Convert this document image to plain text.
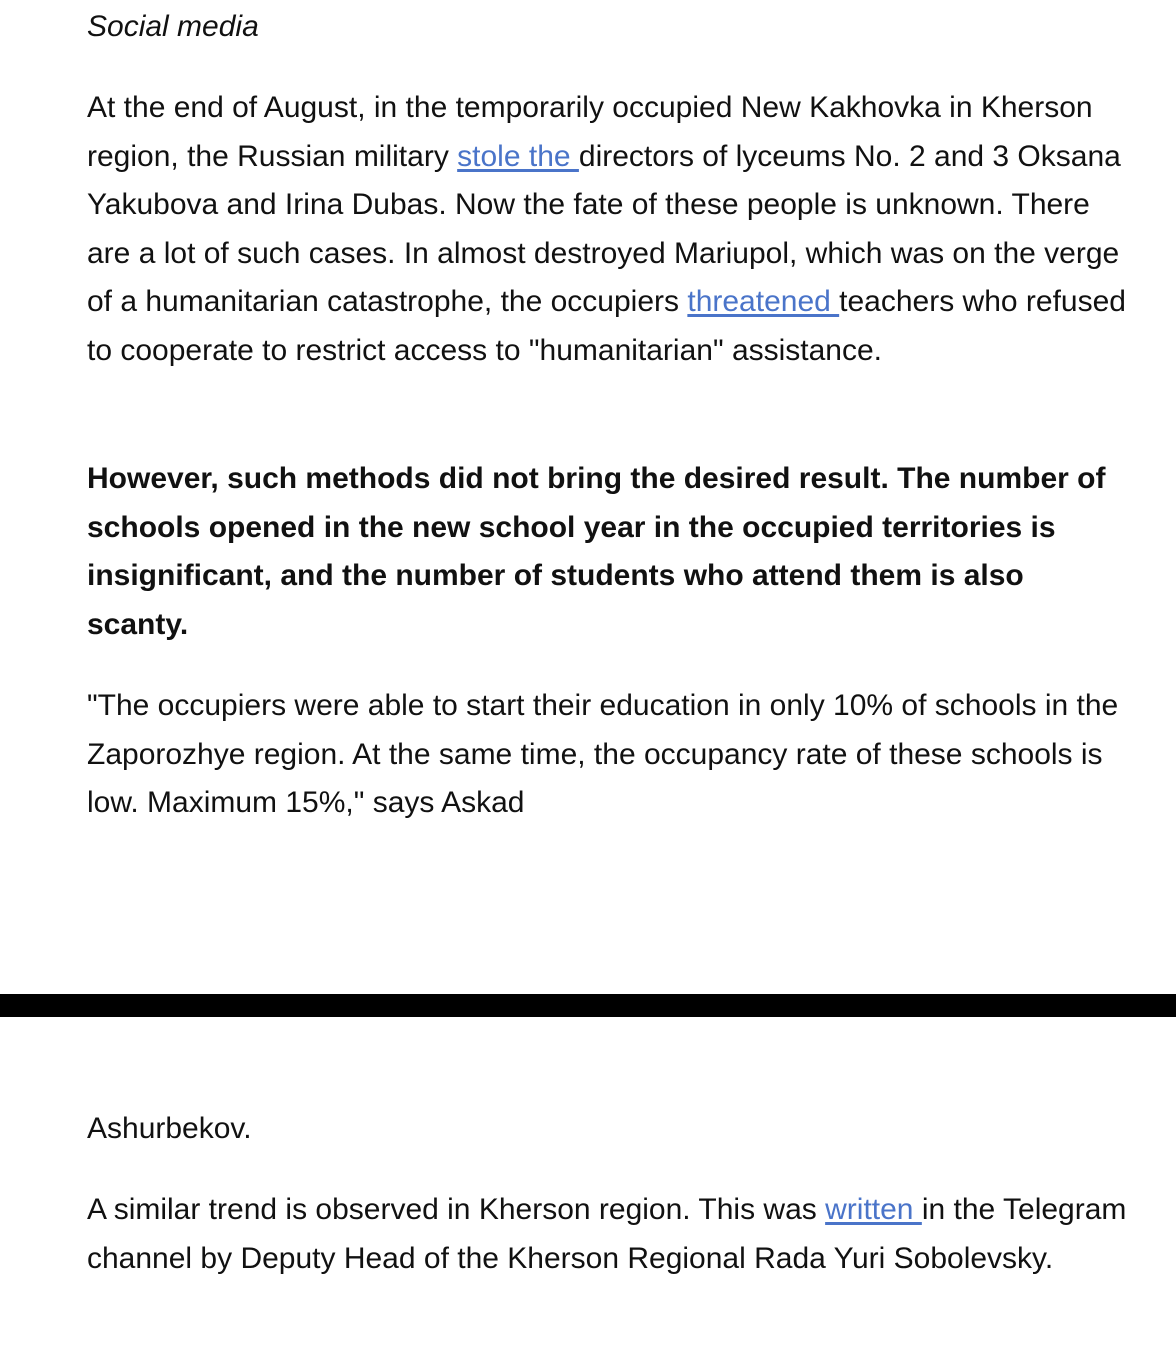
Social media

At the end of August, in the temporarily occupied New Kakhovka in Kherson region, the Russian military stole the directors of lyceums No. 2 and 3 Oksana Yakubova and Irina Dubas. Now the fate of these people is unknown. There are a lot of such cases. In almost destroyed Mariupol, which was on the verge of a humanitarian catastrophe, the occupiers threatened teachers who refused to cooperate to restrict access to "humanitarian" assistance.

However, such methods did not bring the desired result. The number of schools opened in the new school year in the occupied territories is insignificant, and the number of students who attend them is also scanty.

"The occupiers were able to start their education in only 10% of schools in the Zaporozhye region. At the same time, the occupancy rate of these schools is low. Maximum 15%," says Askad

Ashurbekov.

A similar trend is observed in Kherson region. This was written in the Telegram channel by Deputy Head of the Kherson Regional Rada Yuri Sobolevsky.
